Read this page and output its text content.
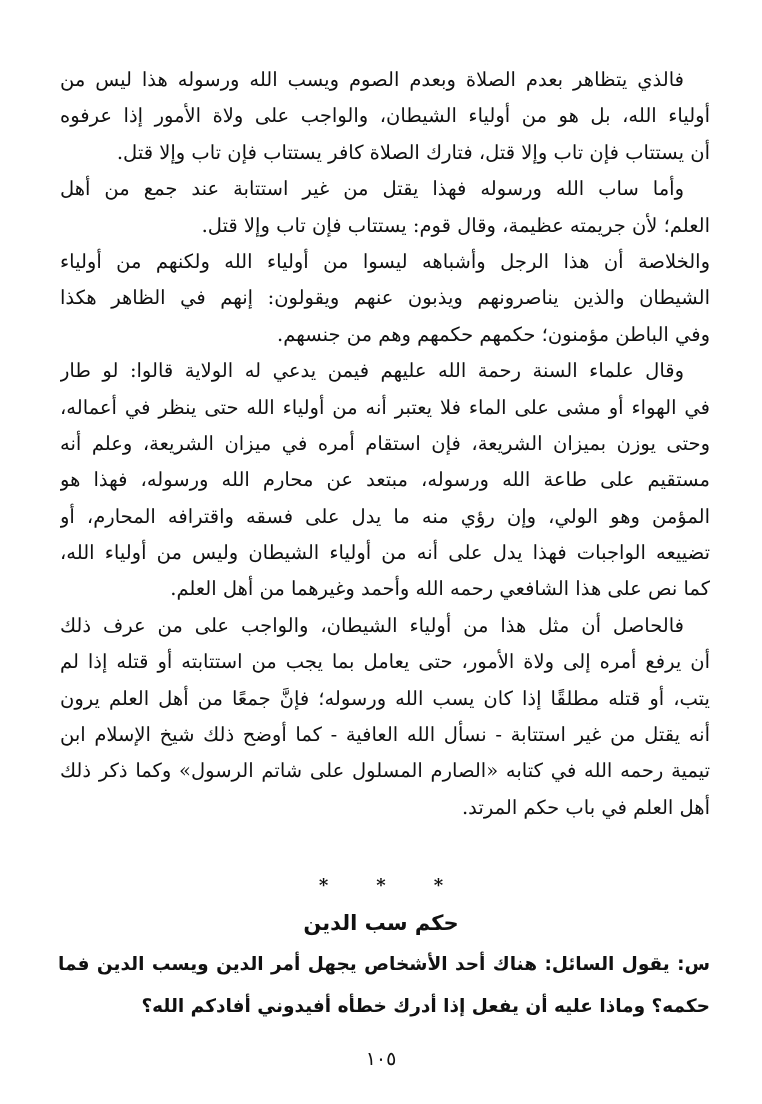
فالذي يتظاهر بعدم الصلاة وبعدم الصوم ويسب الله ورسوله هذا ليس من
أولياء الله، بل هو من أولياء الشيطان، والواجب على ولاة الأمور إذا عرفوه
أن يستتاب فإن تاب وإلا قتل، فتارك الصلاة كافر يستتاب فإن تاب وإلا قتل.
وأما ساب الله ورسوله فهذا يقتل من غير استتابة عند جمع من أهل
العلم؛ لأن جريمته عظيمة، وقال قوم: يستتاب فإن تاب وإلا قتل.
والخلاصة أن هذا الرجل وأشباهه ليسوا من أولياء الله ولكنهم من أولياء
الشيطان والذين يناصرونهم ويذبون عنهم ويقولون: إنهم في الظاهر هكذا
وفي الباطن مؤمنون؛ حكمهم حكمهم وهم من جنسهم.
وقال علماء السنة رحمة الله عليهم فيمن يدعي له الولاية قالوا: لو طار
في الهواء أو مشى على الماء فلا يعتبر أنه من أولياء الله حتى ينظر في أعماله،
وحتى يوزن بميزان الشريعة، فإن استقام أمره في ميزان الشريعة، وعلم أنه
مستقيم على طاعة الله ورسوله، مبتعد عن محارم الله ورسوله، فهذا هو
المؤمن وهو الولي، وإن رؤي منه ما يدل على فسقه واقترافه المحارم، أو
تضييعه الواجبات فهذا يدل على أنه من أولياء الشيطان وليس من أولياء الله،
كما نص على هذا الشافعي رحمه الله وأحمد وغيرهما من أهل العلم.
فالحاصل أن مثل هذا من أولياء الشيطان، والواجب على من عرف ذلك
أن يرفع أمره إلى ولاة الأمور، حتى يعامل بما يجب من استتابته أو قتله إذا لم
يتب، أو قتله مطلقًا إذا كان يسب الله ورسوله؛ فإنَّ جمعًا من أهل العلم يرون
أنه يقتل من غير استتابة - نسأل الله العافية - كما أوضح ذلك شيخ الإسلام ابن
تيمية رحمه الله في كتابه «الصارم المسلول على شاتم الرسول» وكما ذكر ذلك
أهل العلم في باب حكم المرتد.
*	*	*
حكم سب الدين
س: يقول السائل: هناك أحد الأشخاص يجهل أمر الدين ويسب الدين فما
حكمه؟ وماذا عليه أن يفعل إذا أدرك خطأه أفيدوني أفادكم الله؟
١٠٥
